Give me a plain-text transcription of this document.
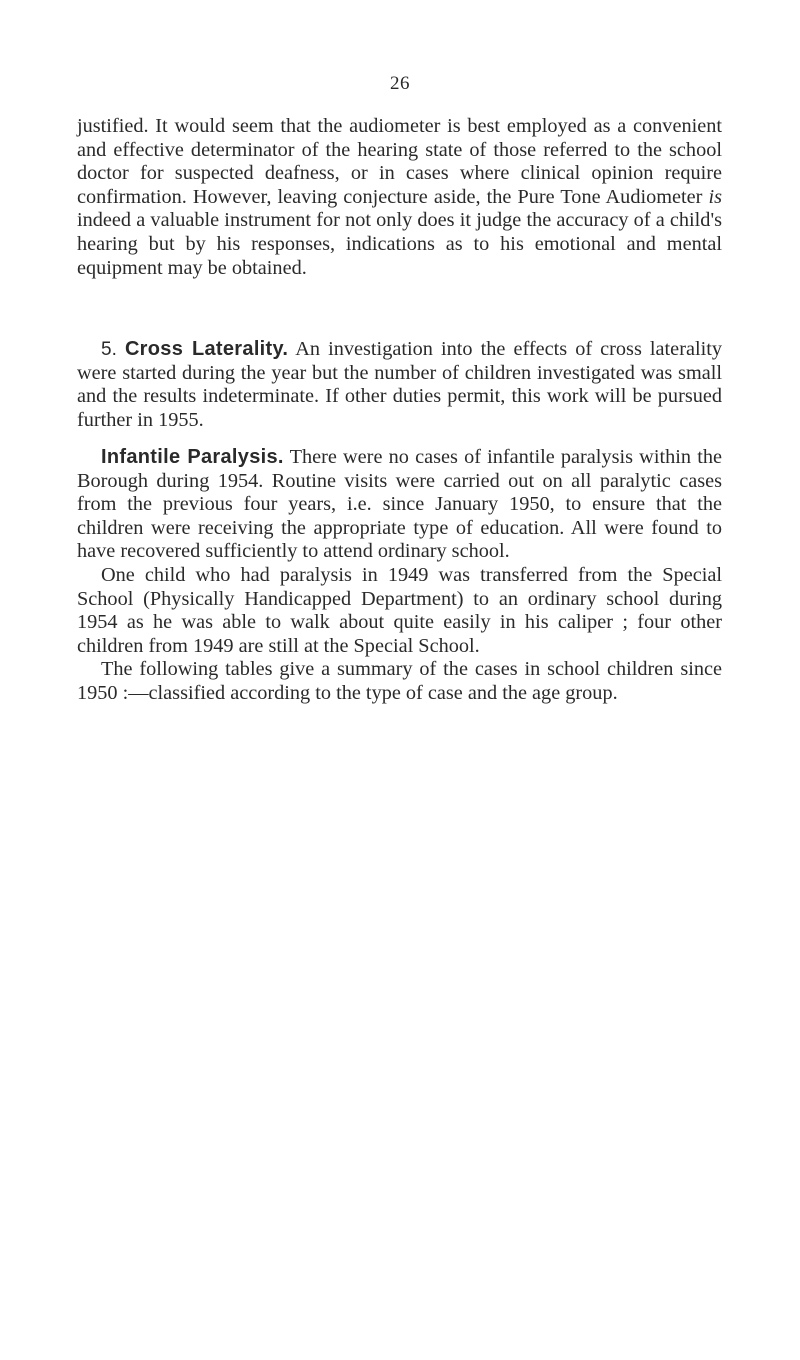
26

justified. It would seem that the audiometer is best employed as a convenient and effective determinator of the hearing state of those referred to the school doctor for suspected deafness, or in cases where clinical opinion require confirmation. However, leaving conjecture aside, the Pure Tone Audiometer is indeed a valuable instrument for not only does it judge the accuracy of a child's hearing but by his responses, indications as to his emotional and mental equipment may be obtained.

5. Cross Laterality. An investigation into the effects of cross laterality were started during the year but the number of children investigated was small and the results indeterminate. If other duties permit, this work will be pursued further in 1955.

Infantile Paralysis. There were no cases of infantile paralysis within the Borough during 1954. Routine visits were carried out on all paralytic cases from the previous four years, i.e. since January 1950, to ensure that the children were receiving the appropriate type of education. All were found to have recovered sufficiently to attend ordinary school.

One child who had paralysis in 1949 was transferred from the Special School (Physically Handicapped Department) to an ordinary school during 1954 as he was able to walk about quite easily in his caliper ; four other children from 1949 are still at the Special School.

The following tables give a summary of the cases in school children since 1950 :—classified according to the type of case and the age group.
